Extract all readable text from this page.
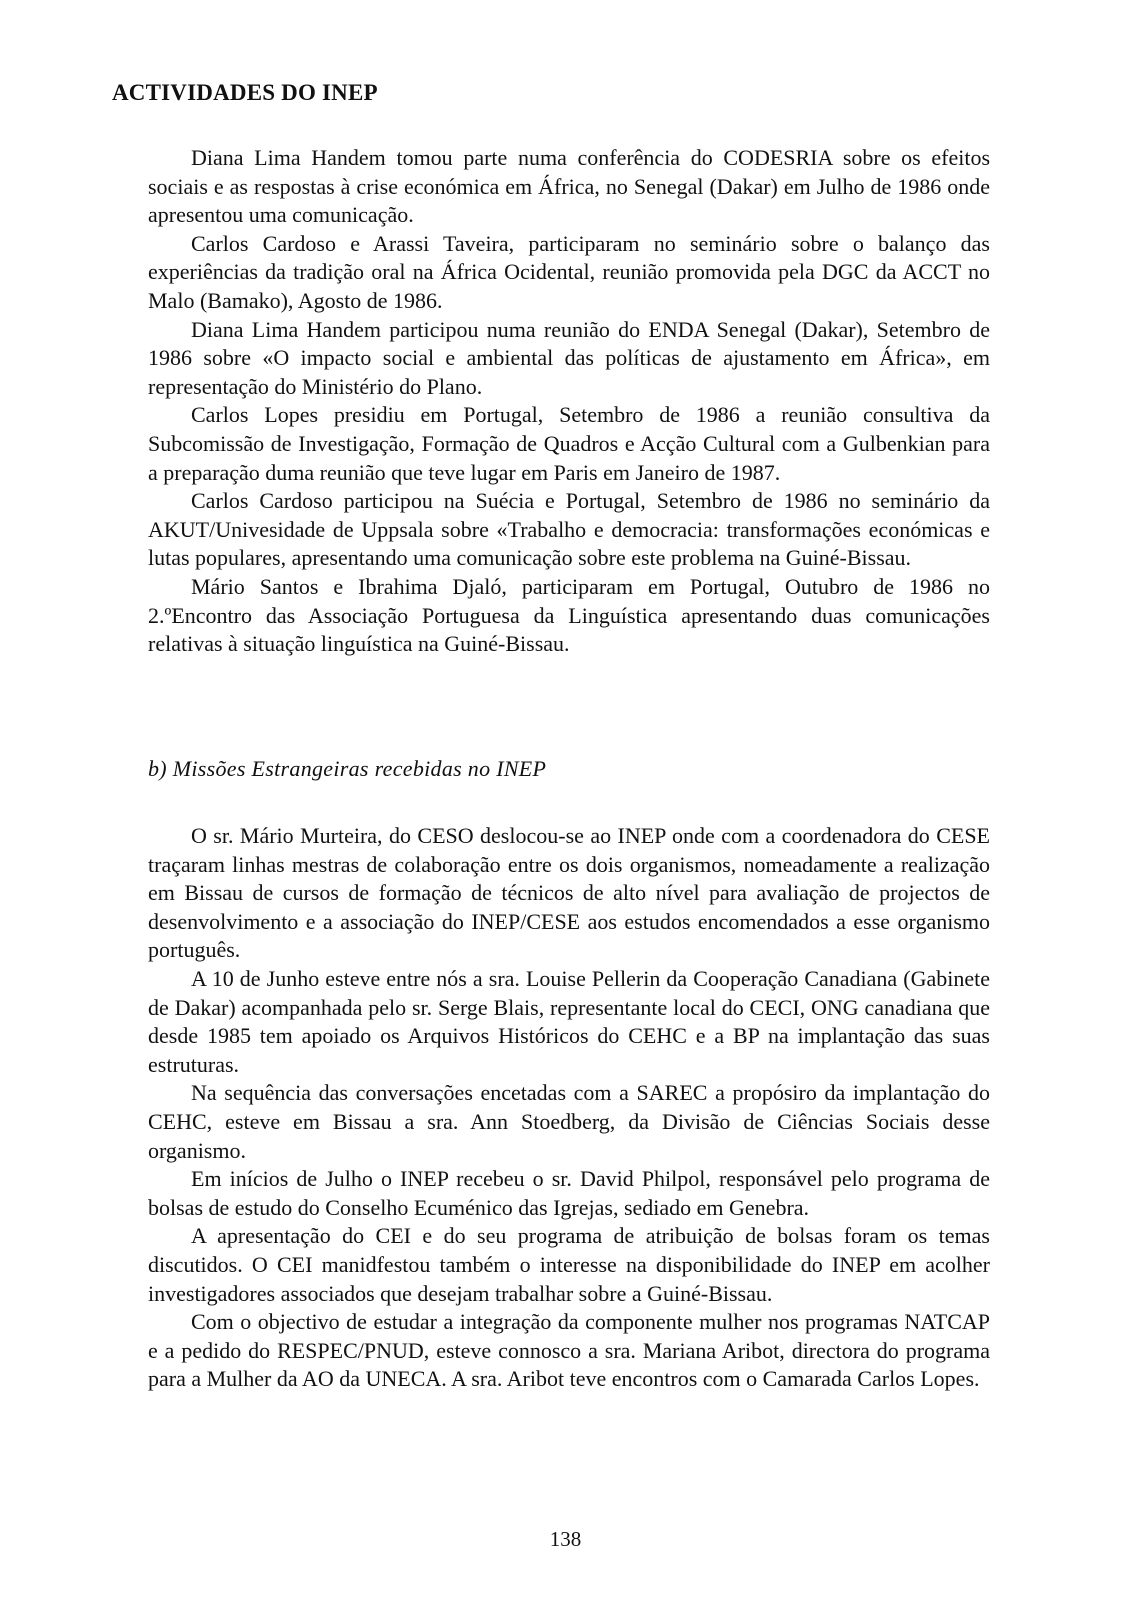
ACTIVIDADES DO INEP

Diana Lima Handem tomou parte numa conferência do CODESRIA sobre os efeitos sociais e as respostas à crise económica em África, no Senegal (Dakar) em Julho de 1986 onde apresentou uma comunicação.

Carlos Cardoso e Arassi Taveira, participaram no seminário sobre o balanço das experiências da tradição oral na África Ocidental, reunião promovida pela DGC da ACCT no Malo (Bamako), Agosto de 1986.

Diana Lima Handem participou numa reunião do ENDA Senegal (Dakar), Setembro de 1986 sobre «O impacto social e ambiental das políticas de ajustamento em África», em representação do Ministério do Plano.

Carlos Lopes presidiu em Portugal, Setembro de 1986 a reunião consultiva da Subcomissão de Investigação, Formação de Quadros e Acção Cultural com a Gulbenkian para a preparação duma reunião que teve lugar em Paris em Janeiro de 1987.

Carlos Cardoso participou na Suécia e Portugal, Setembro de 1986 no seminário da AKUT/Univesidade de Uppsala sobre «Trabalho e democracia: transformações económicas e lutas populares, apresentando uma comunicação sobre este problema na Guiné-Bissau.

Mário Santos e Ibrahima Djaló, participaram em Portugal, Outubro de 1986 no 2.ºEncontro das Associação Portuguesa da Linguística apresentando duas comunicações relativas à situação linguística na Guiné-Bissau.

b) Missões Estrangeiras recebidas no INEP

O sr. Mário Murteira, do CESO deslocou-se ao INEP onde com a coordenadora do CESE traçaram linhas mestras de colaboração entre os dois organismos, nomeadamente a realização em Bissau de cursos de formação de técnicos de alto nível para avaliação de projectos de desenvolvimento e a associação do INEP/CESE aos estudos encomendados a esse organismo português.

A 10 de Junho esteve entre nós a sra. Louise Pellerin da Cooperação Canadiana (Gabinete de Dakar) acompanhada pelo sr. Serge Blais, representante local do CECI, ONG canadiana que desde 1985 tem apoiado os Arquivos Históricos do CEHC e a BP na implantação das suas estruturas.

Na sequência das conversações encetadas com a SAREC a propósiro da implantação do CEHC, esteve em Bissau a sra. Ann Stoedberg, da Divisão de Ciências Sociais desse organismo.

Em inícios de Julho o INEP recebeu o sr. David Philpol, responsável pelo programa de bolsas de estudo do Conselho Ecuménico das Igrejas, sediado em Genebra.

A apresentação do CEI e do seu programa de atribuição de bolsas foram os temas discutidos. O CEI manidfestou também o interesse na disponibilidade do INEP em acolher investigadores associados que desejam trabalhar sobre a Guiné-Bissau.

Com o objectivo de estudar a integração da componente mulher nos programas NATCAP e a pedido do RESPEC/PNUD, esteve connosco a sra. Mariana Aribot, directora do programa para a Mulher da AO da UNECA. A sra. Aribot teve encontros com o Camarada Carlos Lopes.

138
